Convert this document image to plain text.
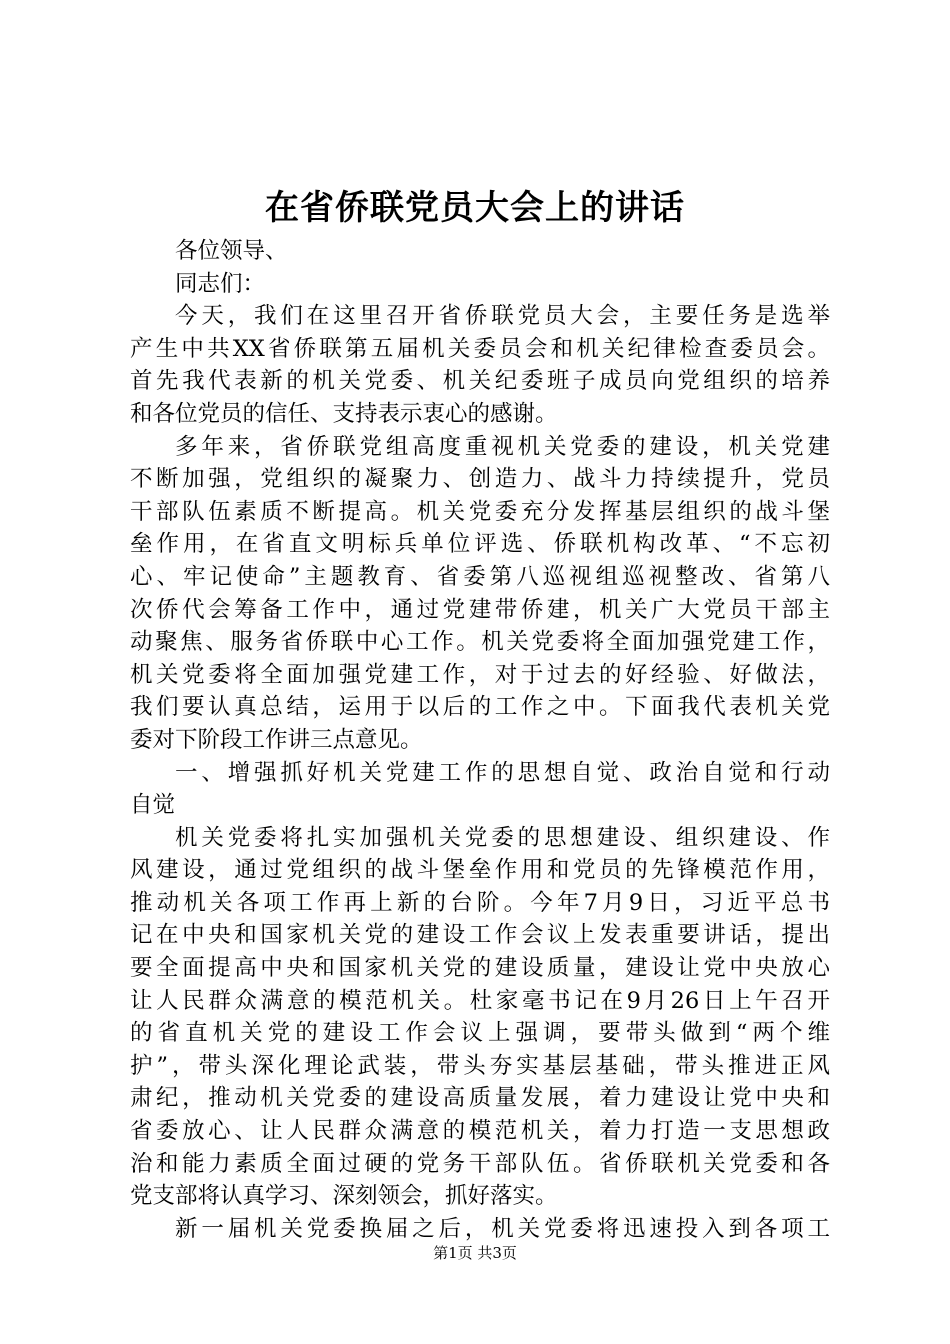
在省侨联党员大会上的讲话
各位领导、
同志们：
今天，我们在这里召开省侨联党员大会，主要任务是选举
产生中共XX省侨联第五届机关委员会和机关纪律检查委员会。
首先我代表新的机关党委、机关纪委班子成员向党组织的培养
和各位党员的信任、支持表示衷心的感谢。
多年来，省侨联党组高度重视机关党委的建设，机关党建
不断加强，党组织的凝聚力、创造力、战斗力持续提升，党员
干部队伍素质不断提高。机关党委充分发挥基层组织的战斗堡
垒作用，在省直文明标兵单位评选、侨联机构改革、“不忘初
心、牢记使命”主题教育、省委第八巡视组巡视整改、省第八
次侨代会筹备工作中，通过党建带侨建，机关广大党员干部主
动聚焦、服务省侨联中心工作。机关党委将全面加强党建工作，
机关党委将全面加强党建工作，对于过去的好经验、好做法，
我们要认真总结，运用于以后的工作之中。下面我代表机关党
委对下阶段工作讲三点意见。
一、增强抓好机关党建工作的思想自觉、政治自觉和行动
自觉
机关党委将扎实加强机关党委的思想建设、组织建设、作
风建设，通过党组织的战斗堡垒作用和党员的先锋模范作用，
推动机关各项工作再上新的台阶。今年7月9日，习近平总书
记在中央和国家机关党的建设工作会议上发表重要讲话，提出
要全面提高中央和国家机关党的建设质量，建设让党中央放心
让人民群众满意的模范机关。杜家毫书记在9月26日上午召开
的省直机关党的建设工作会议上强调，要带头做到“两个维
护”，带头深化理论武装，带头夯实基层基础，带头推进正风
肃纪，推动机关党委的建设高质量发展，着力建设让党中央和
省委放心、让人民群众满意的模范机关，着力打造一支思想政
治和能力素质全面过硬的党务干部队伍。省侨联机关党委和各
党支部将认真学习、深刻领会，抓好落实。
新一届机关党委换届之后，机关党委将迅速投入到各项工
第1页 共3页
